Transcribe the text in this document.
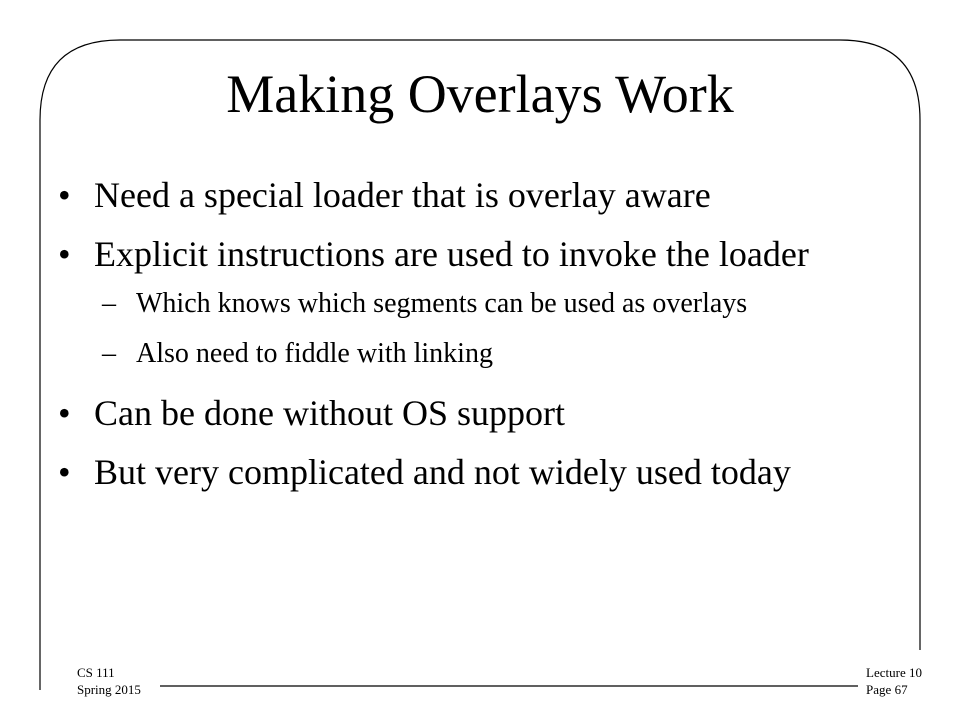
Making Overlays Work
• Need a special loader that is overlay aware
• Explicit instructions are used to invoke the loader
– Which knows which segments can be used as overlays
– Also need to fiddle with linking
• Can be done without OS support
• But very complicated and not widely used today
CS 111
Spring 2015
Lecture 10
Page 67
